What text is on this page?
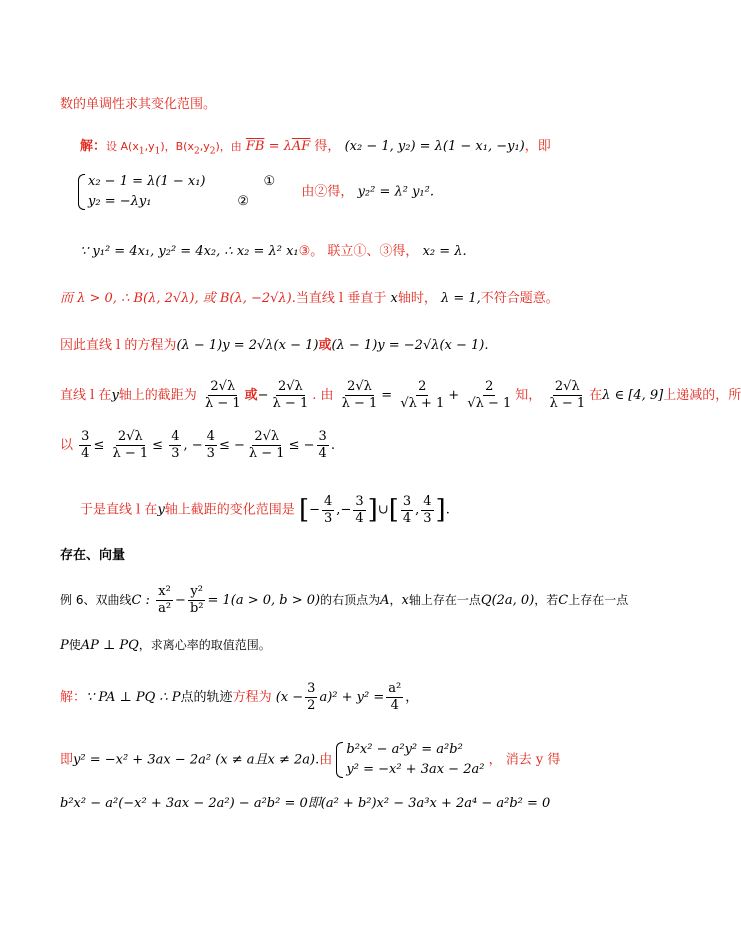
数的单调性求其变化范围。
解：设 $A(x_1,y_1)$，$B(x_2,y_2)$，由 $\overline{FB} = \lambda\overline{AF}$ 得， (x₂ − 1, y₂) = λ(1 − x₁, −y₁)，即
x₂ − 1 = λ(1 − x₁)	①
y₂ = −λy₁	②
由②得， y₂² = λ² y₁².
∵ y₁² = 4x₁, y₂² = 4x₂, ∴ x₂ = λ² x₁③。 联立①、③得， x₂ = λ.
而 λ > 0, ∴ B(λ, 2√λ), 或 B(λ, −2√λ).当直线 l 垂直于 x轴时， λ = 1,不符合题意。
因此直线 l 的方程为(λ − 1)y = 2√λ(x − 1)或(λ − 1)y = −2√λ(x − 1).
直线 l 在y轴上的截距为 $\frac{2√\lambda}{\lambda - 1}$ 或− $\frac{2√\lambda}{\lambda - 1}$ . 由 $\frac{2√\lambda}{\lambda - 1} = \frac{2}{√\lambda + 1} + \frac{2}{√\lambda - 1}$ 知， $\frac{2√\lambda}{\lambda - 1}$ 在λ ∈ [4, 9]上递减的，所
以 $\frac{3}{4} \le \frac{2√\lambda}{\lambda - 1} \le \frac{4}{3}$ , − $\frac{4}{3}$ ≤ − $\frac{2√\lambda}{\lambda - 1}$ ≤ − $\frac{3}{4}$ .
于是直线 l 在y轴上截距的变化范围是 [− $\frac{4}{3}$ ,− $\frac{3}{4}$ ]∪[ $\frac{3}{4}$ , $\frac{4}{3}$ ].
存在、向量
例 6、双曲线C : $\frac{\text{x²}}{\text{a²}} - \frac{\text{y²}}{\text{b²}} = 1(a > 0$, b > 0)的右顶点为A，x轴上存在一点Q(2a, 0)，若C上存在一点
P使AP ⊥ PQ，求离心率的取值范围。
解：∵ PA ⊥ PQ ∴ P点的轨迹方程为 $(x - \frac{3}{2} a)^2 + y^2 = \frac{\text{a²}}{4}$ ，
即y² = −x² + 3ax − 2a² (x ≠ a且x ≠ 2a).由
b²x² − a²y² = a²b²
y² = −x² + 3ax − 2a²
， 消去 y 得
b²x² − a²(−x² + 3ax − 2a²) − a²b² = 0即(a² + b²)x² − 3a³x + 2a⁴ − a²b² = 0
